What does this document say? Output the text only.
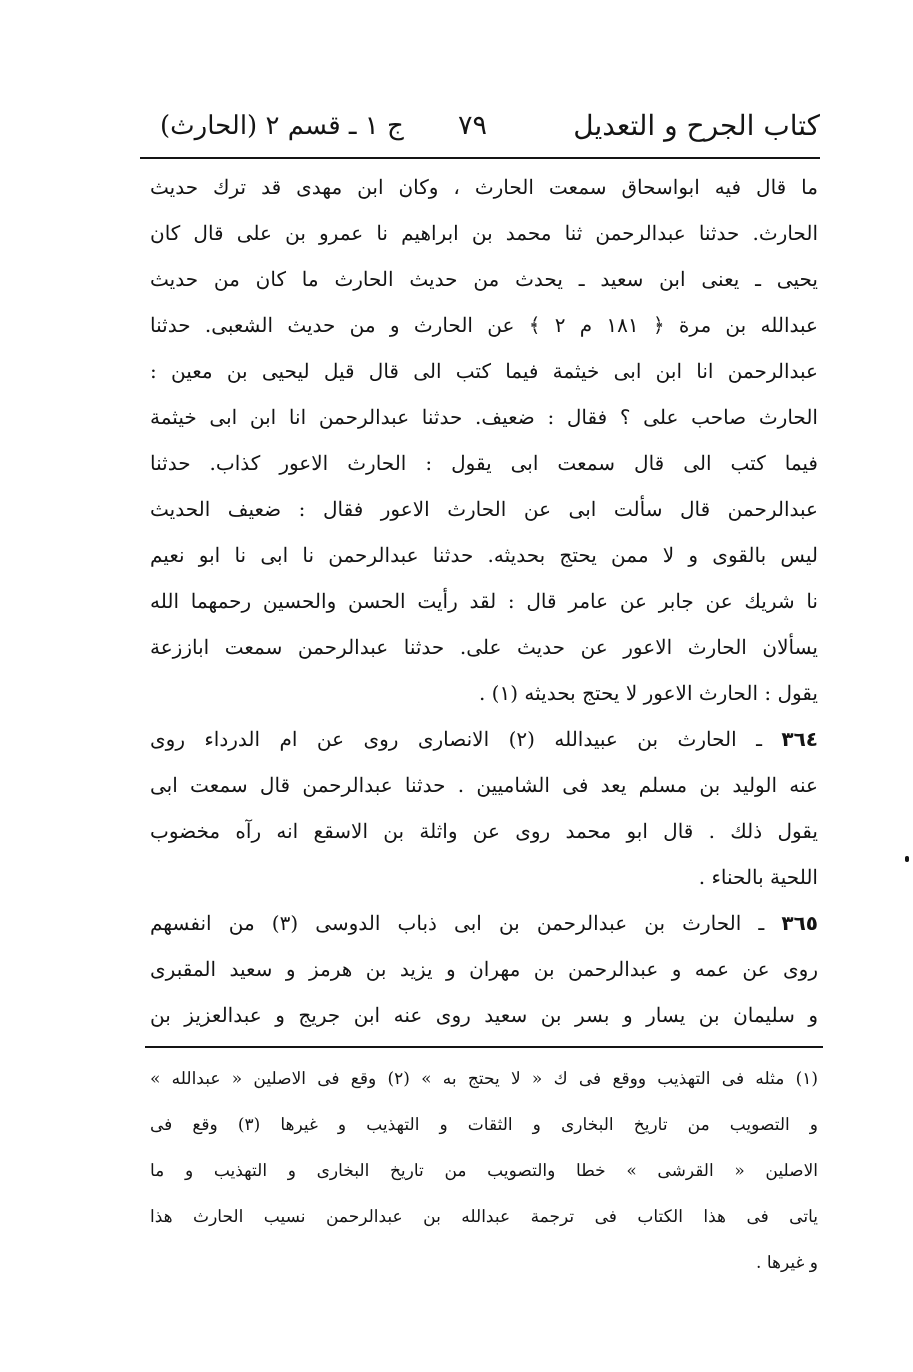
كتاب الجرح و التعديل
٧٩
(الحارث) ج ١ ـ قسم ٢
ما قال فيه ابواسحاق سمعت الحارث ، وكان ابن مهدى قد ترك حديث
الحارث. حدثنا عبدالرحمن ثنا محمد بن ابراهيم نا عمرو بن على قال كان
يحيى ـ يعنى ابن سعيد ـ يحدث من حديث الحارث ما كان من حديث
عبدالله بن مرة ﴿ ١٨١ م ٢ ﴾ عن الحارث و من حديث الشعبى. حدثنا
عبدالرحمن انا ابن ابى خيثمة فيما كتب الى قال قيل ليحيى بن معين :
الحارث صاحب على ؟ فقال : ضعيف. حدثنا عبدالرحمن انا ابن ابى خيثمة
فيما كتب الى قال سمعت ابى يقول : الحارث الاعور كذاب. حدثنا
عبدالرحمن قال سألت ابى عن الحارث الاعور فقال : ضعيف الحديث
ليس بالقوى و لا ممن يحتج بحديثه. حدثنا عبدالرحمن نا ابى نا ابو نعيم
نا شريك عن جابر عن عامر قال : لقد رأيت الحسن والحسين رحمهما الله
يسألان الحارث الاعور عن حديث على. حدثنا عبدالرحمن سمعت اباززعة
يقول : الحارث الاعور لا يحتج بحديثه (١) .
٣٦٤ ـ الحارث بن عبيدالله (٢) الانصارى روى عن ام الدرداء روى
عنه الوليد بن مسلم يعد فى الشاميين . حدثنا عبدالرحمن قال سمعت ابى
يقول ذلك . قال ابو محمد روى عن واثلة بن الاسقع انه رآه مخضوب
اللحية بالحناء .
٣٦٥ ـ الحارث بن عبدالرحمن بن ابى ذباب الدوسى (٣) من انفسهم
روى عن عمه و عبدالرحمن بن مهران و يزيد بن هرمز و سعيد المقبرى
و سليمان بن يسار و بسر بن سعيد روى عنه ابن جريج و عبدالعزيز بن
(١) مثله فى التهذيب ووقع فى ك « لا يحتج به » (٢) وقع فى الاصلين « عبدالله »
و التصويب من تاريخ البخارى و الثقات و التهذيب و غيرها (٣) وقع فى
الاصلين « القرشى » خطا والتصويب من تاريخ البخارى و التهذيب و ما
ياتى فى هذا الكتاب فى ترجمة عبدالله بن عبدالرحمن نسيب الحارث هذا
و غيرها .
